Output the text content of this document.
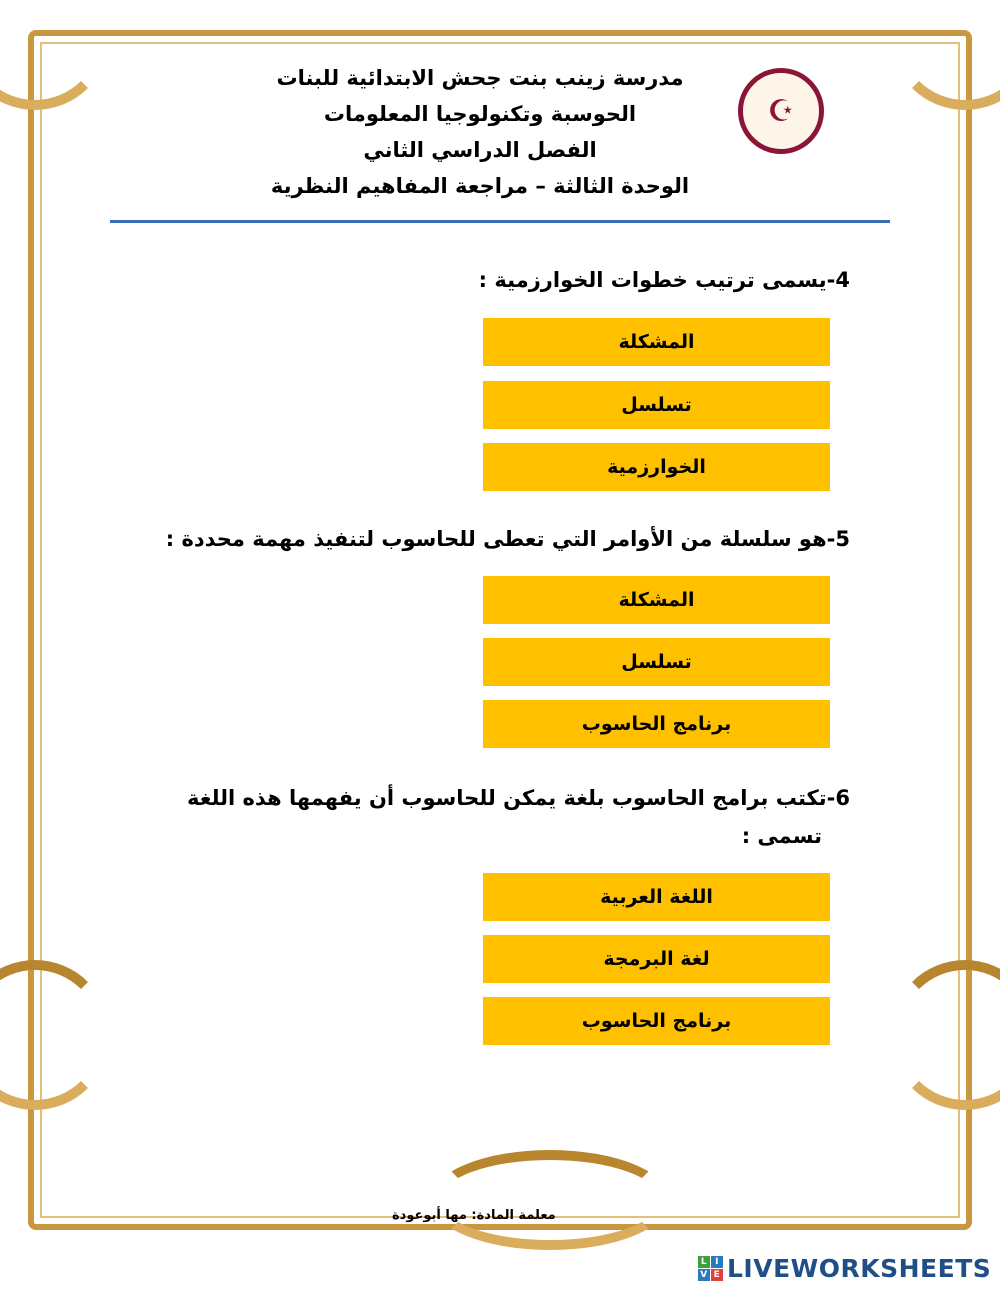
☪
مدرسة زينب بنت جحش الابتدائية للبنات
الحوسبة وتكنولوجيا المعلومات
الفصل الدراسي الثاني
الوحدة الثالثة – مراجعة المفاهيم النظرية
4-يسمى ترتيب خطوات الخوارزمية :
المشكلة
تسلسل
الخوارزمية
5-هو سلسلة من الأوامر التي تعطى للحاسوب لتنفيذ مهمة محددة :
المشكلة
تسلسل
برنامج الحاسوب
6-تكتب برامج الحاسوب بلغة يمكن للحاسوب أن يفهمها هذه اللغة
تسمى :
اللغة العربية
لغة البرمجة
برنامج الحاسوب
معلمة المادة: مها أبوعودة
L I
V E LIVEWORKSHEETS
